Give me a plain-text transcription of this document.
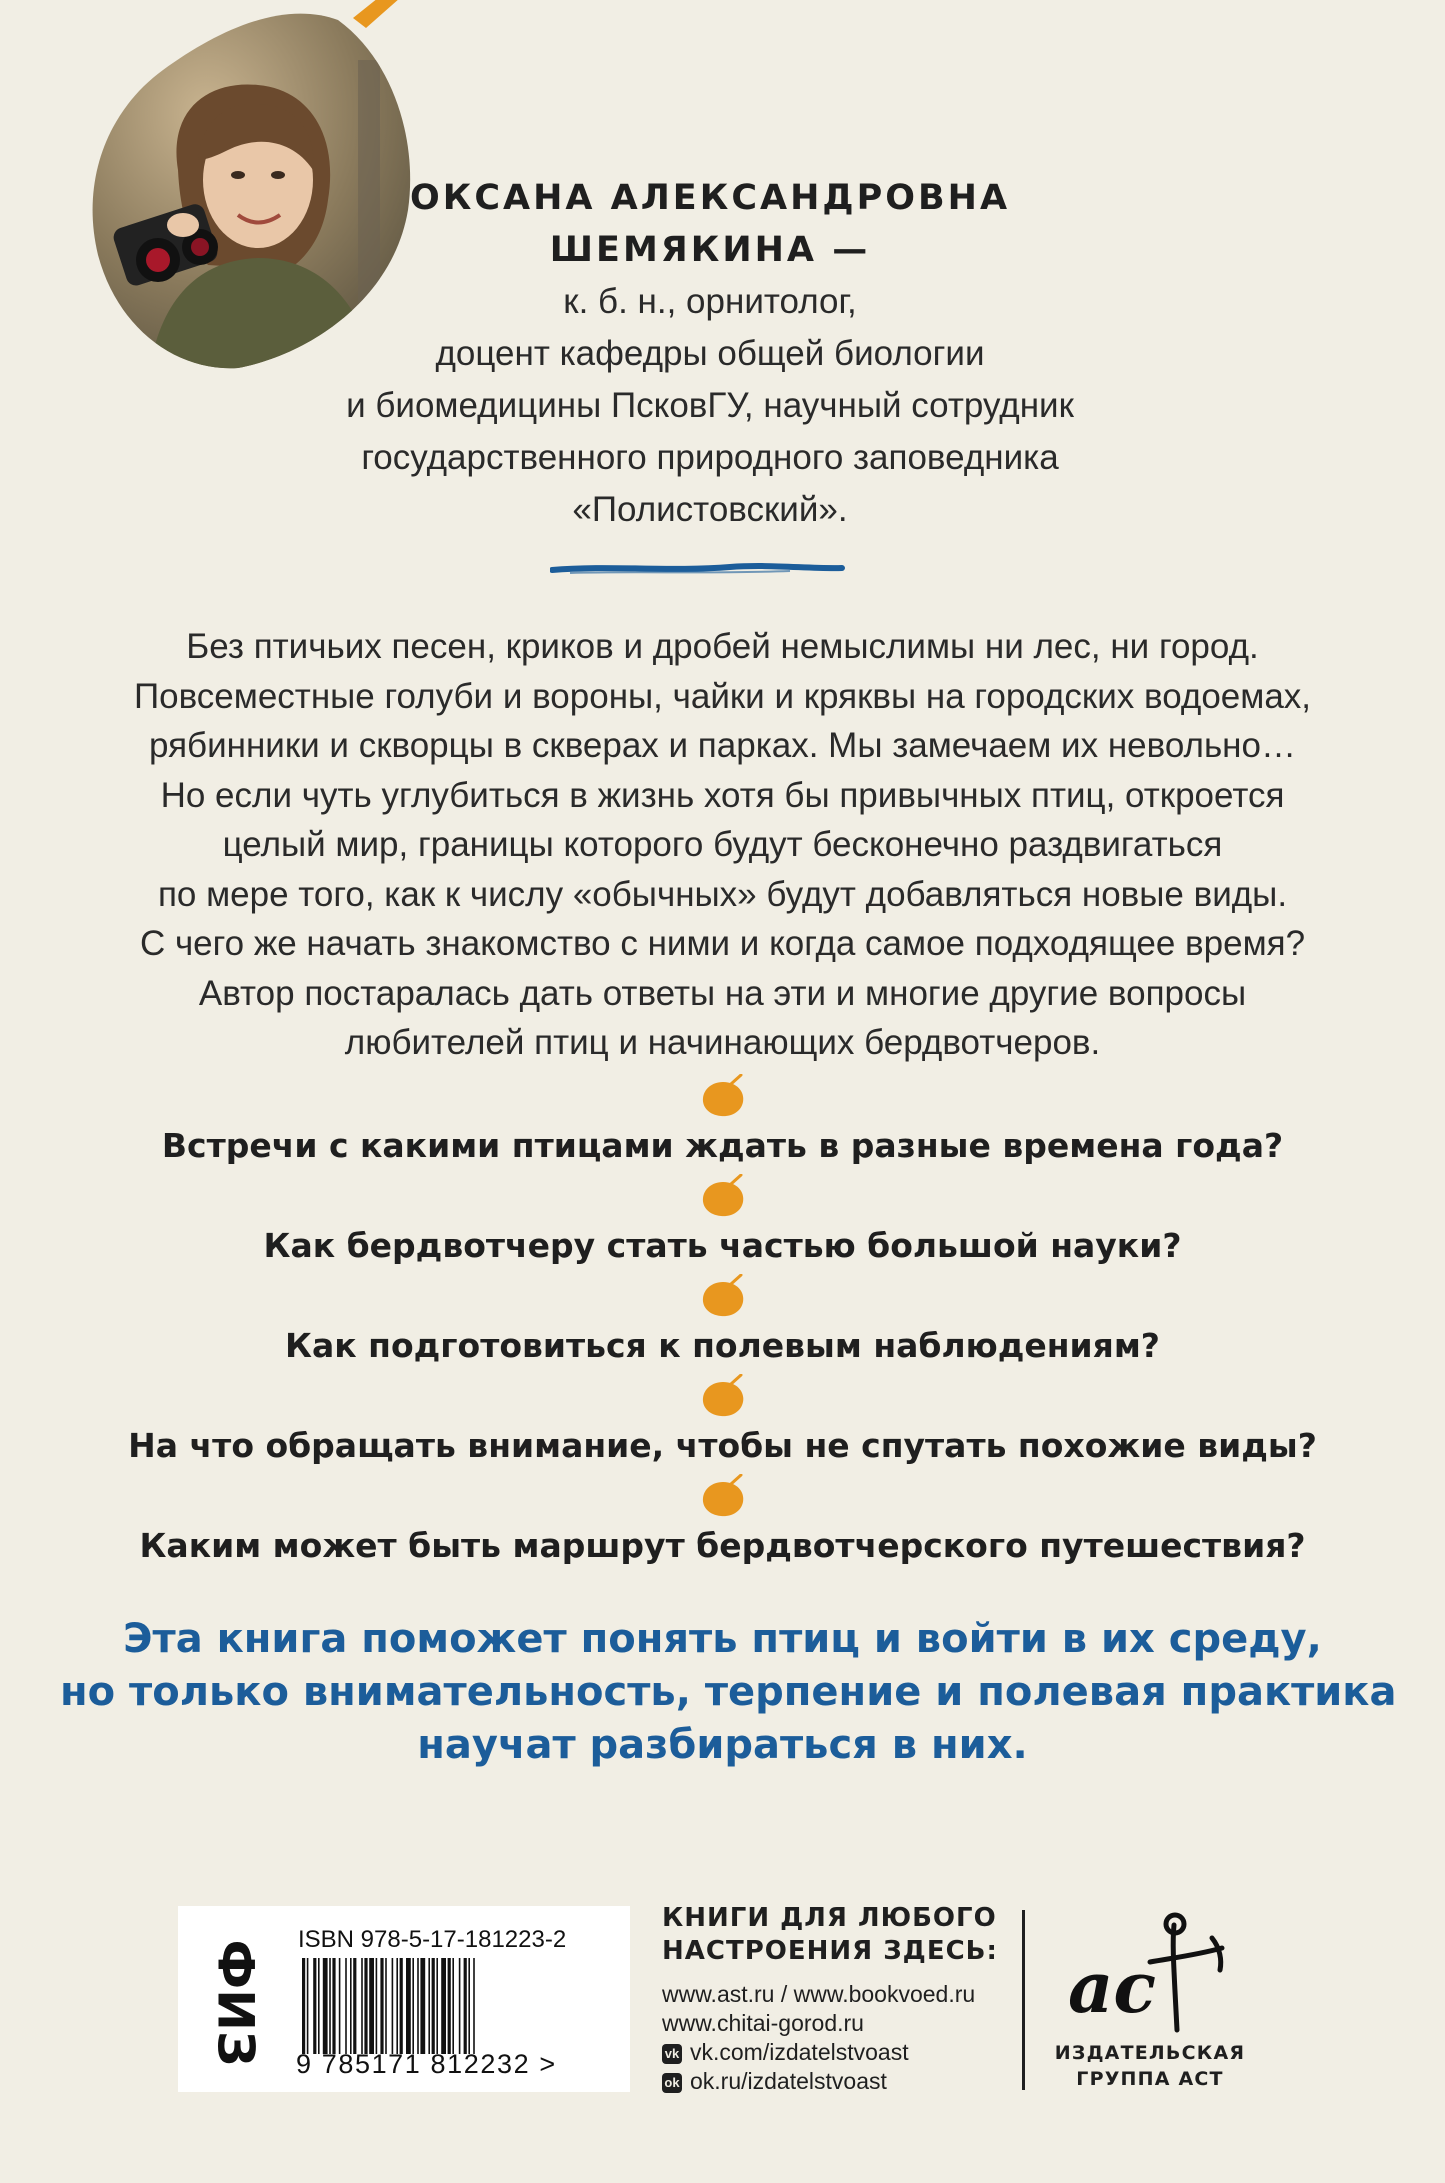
ОКСАНА АЛЕКСАНДРОВНА
ШЕМЯКИНА —
к. б. н., орнитолог,
доцент кафедры общей биологии
и биомедицины ПсковГУ, научный сотрудник
государственного природного заповедника
«Полистовский».
Без птичьих песен, криков и дробей немыслимы ни лес, ни город.
Повсеместные голуби и вороны, чайки и кряквы на городских водоемах,
рябинники и скворцы в скверах и парках. Мы замечаем их невольно…
Но если чуть углубиться в жизнь хотя бы привычных птиц, откроется
целый мир, границы которого будут бесконечно раздвигаться
по мере того, как к числу «обычных» будут добавляться новые виды.
С чего же начать знакомство с ними и когда самое подходящее время?
Автор постаралась дать ответы на эти и многие другие вопросы
любителей птиц и начинающих бердвотчеров.
Встречи с какими птицами ждать в разные времена года?
Как бердвотчеру стать частью большой науки?
Как подготовиться к полевым наблюдениям?
На что обращать внимание, чтобы не спутать похожие виды?
Каким может быть маршрут бердвотчерского путешествия?
Эта книга поможет понять птиц и войти в их среду,
но только внимательность, терпение и полевая практика
научат разбираться в них.
ФИЗ
ISBN 978-5-17-181223-2
9 785171 812232 >
КНИГИ ДЛЯ ЛЮБОГО
НАСТРОЕНИЯ ЗДЕСЬ:
www.ast.ru / www.bookvoed.ru
www.chitai-gorod.ru
vk vk.com/izdatelstvoast
ok ok.ru/izdatelstvoast
ас
ИЗДАТЕЛЬСКАЯ
ГРУППА АСТ
